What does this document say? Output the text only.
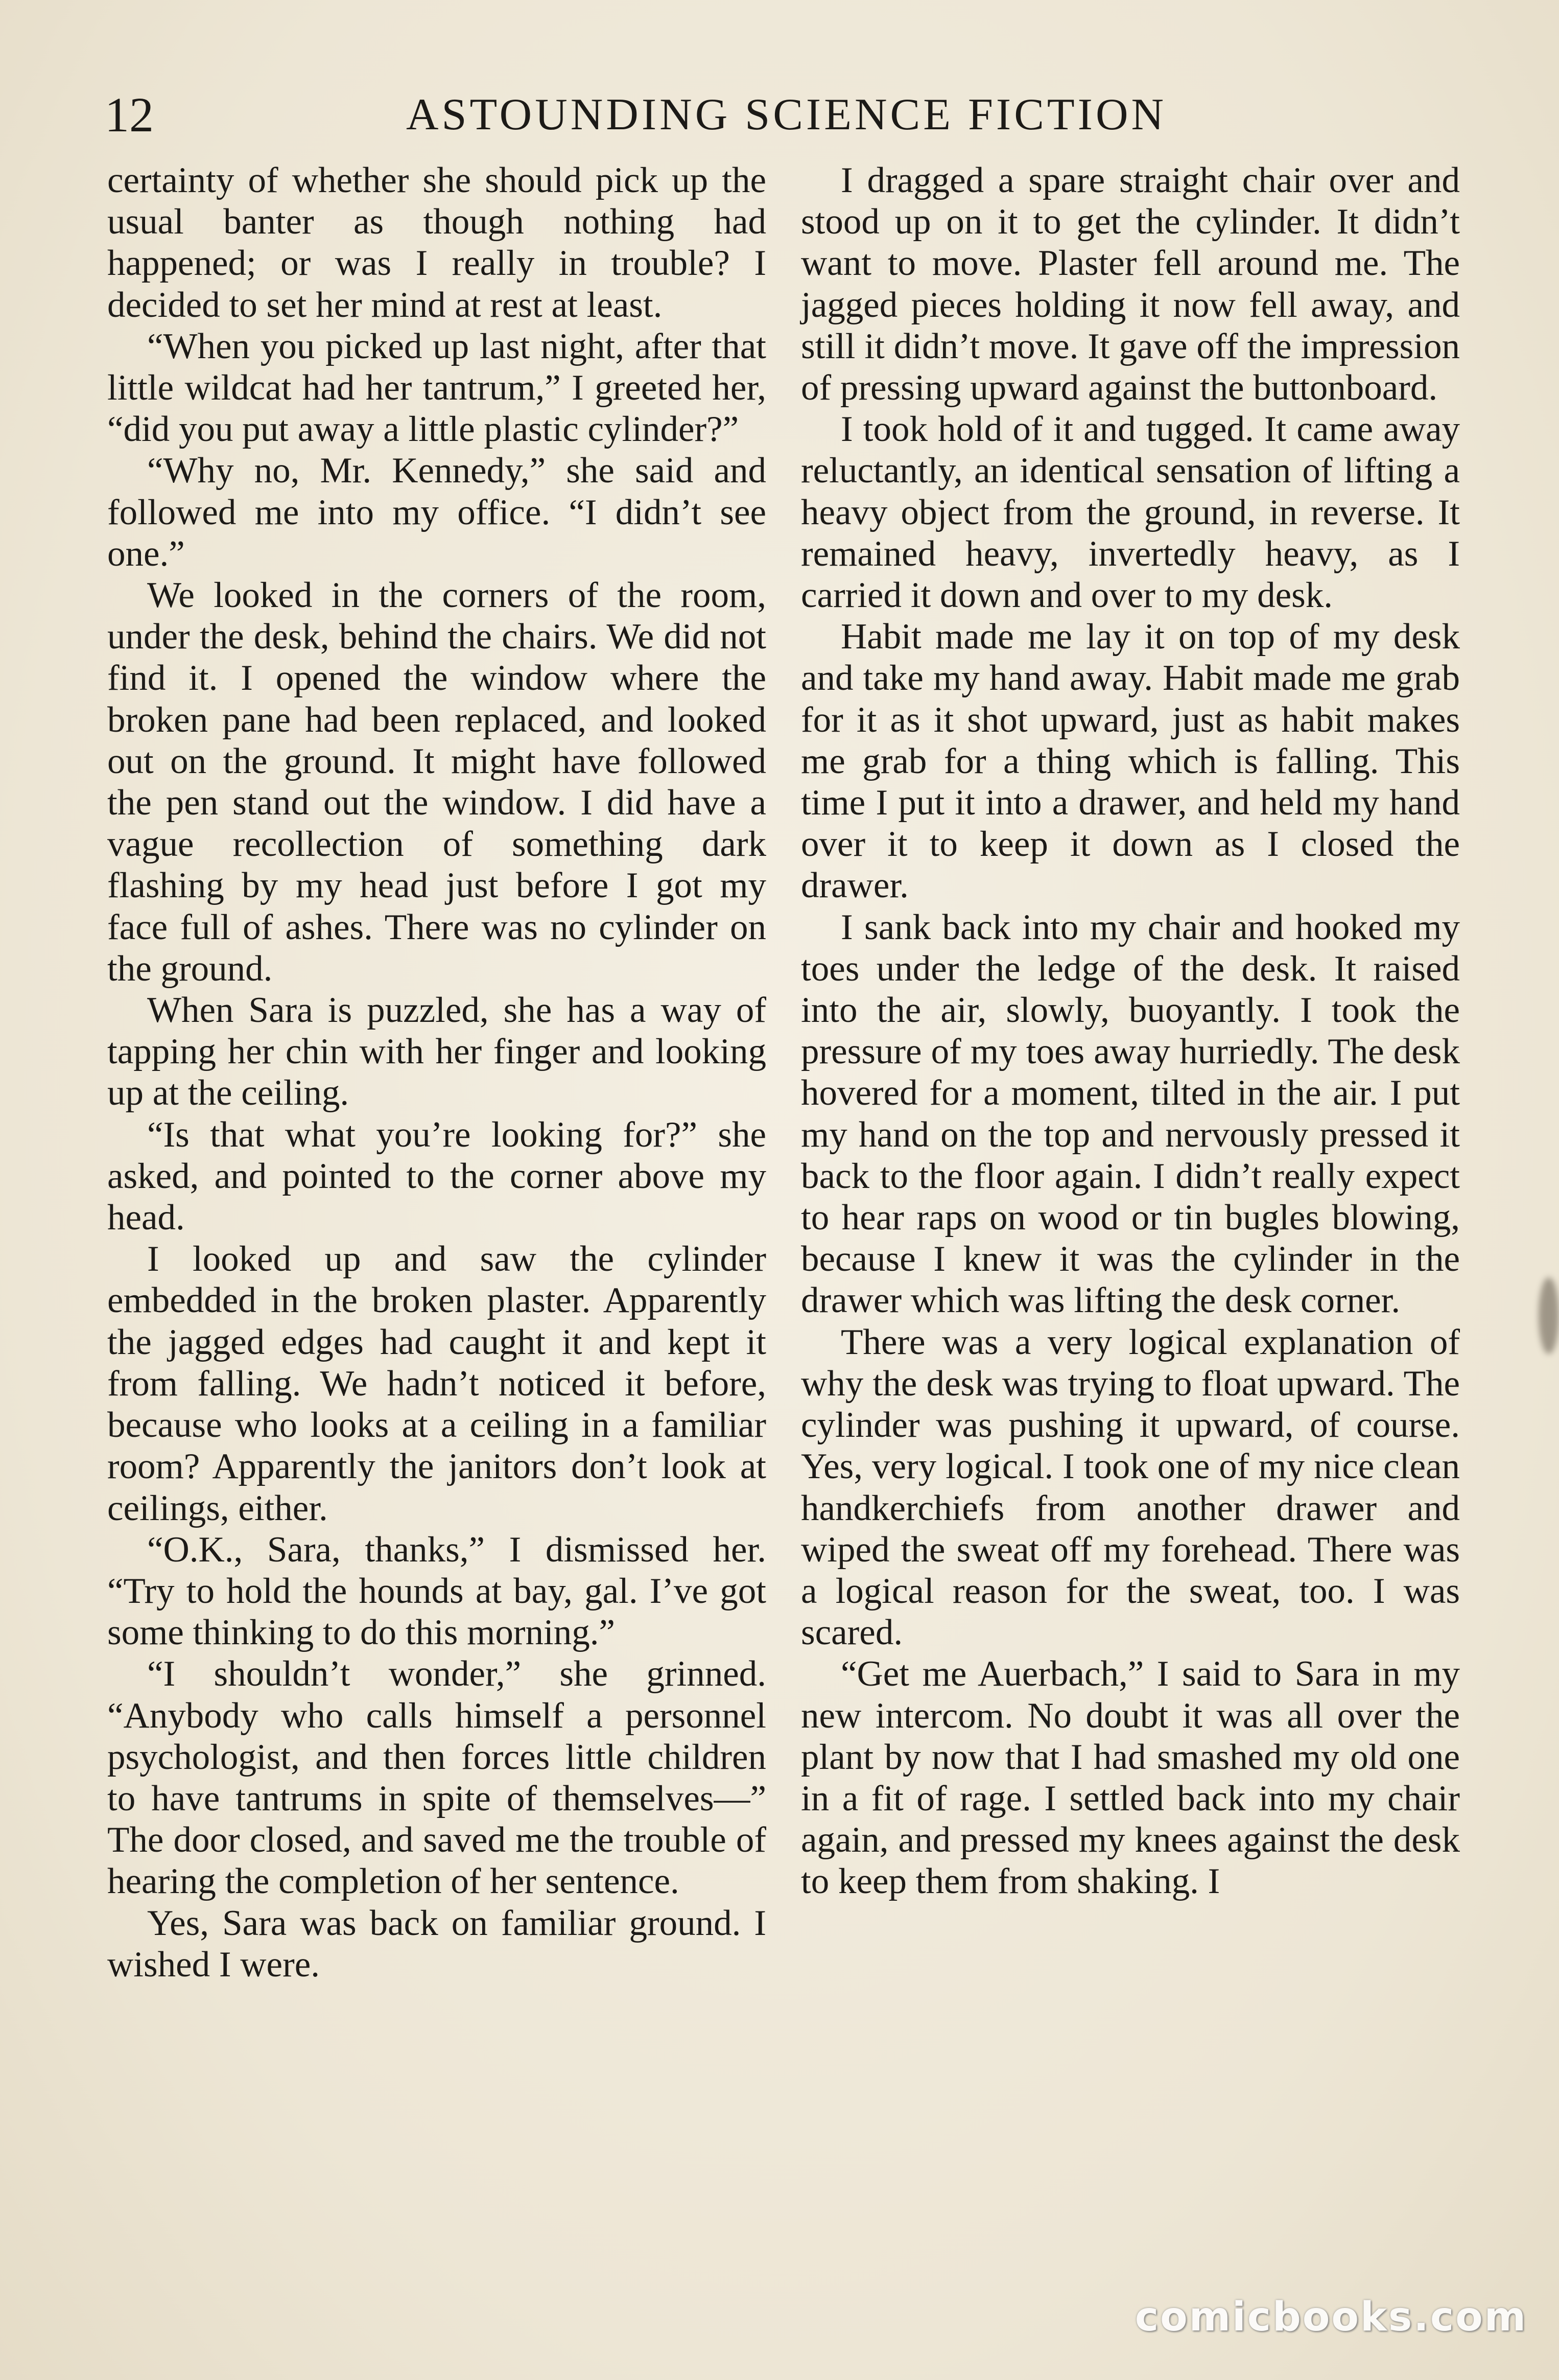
12	ASTOUNDING SCIENCE FICTION

certainty of whether she should pick up the usual banter as though nothing had happened; or was I really in trouble? I decided to set her mind at rest at least.

“When you picked up last night, after that little wildcat had her tantrum,” I greeted her, “did you put away a little plastic cylinder?”

“Why no, Mr. Kennedy,” she said and followed me into my office. “I didn’t see one.”

We looked in the corners of the room, under the desk, behind the chairs. We did not find it. I opened the window where the broken pane had been replaced, and looked out on the ground. It might have followed the pen stand out the window. I did have a vague recollection of something dark flashing by my head just before I got my face full of ashes. There was no cylinder on the ground.

When Sara is puzzled, she has a way of tapping her chin with her finger and looking up at the ceiling.

“Is that what you’re looking for?” she asked, and pointed to the corner above my head.

I looked up and saw the cylinder embedded in the broken plaster. Apparently the jagged edges had caught it and kept it from falling. We hadn’t noticed it before, because who looks at a ceiling in a familiar room? Apparently the janitors don’t look at ceilings, either.

“O.K., Sara, thanks,” I dismissed her. “Try to hold the hounds at bay, gal. I’ve got some thinking to do this morning.”

“I shouldn’t wonder,” she grinned. “Anybody who calls himself a personnel psychologist, and then forces little children to have tantrums in spite of themselves—” The door closed, and saved me the trouble of hearing the completion of her sentence.

Yes, Sara was back on familiar ground. I wished I were.

I dragged a spare straight chair over and stood up on it to get the cylinder. It didn’t want to move. Plaster fell around me. The jagged pieces holding it now fell away, and still it didn’t move. It gave off the impression of pressing upward against the buttonboard.

I took hold of it and tugged. It came away reluctantly, an identical sensation of lifting a heavy object from the ground, in reverse. It remained heavy, invertedly heavy, as I carried it down and over to my desk.

Habit made me lay it on top of my desk and take my hand away. Habit made me grab for it as it shot upward, just as habit makes me grab for a thing which is falling. This time I put it into a drawer, and held my hand over it to keep it down as I closed the drawer.

I sank back into my chair and hooked my toes under the ledge of the desk. It raised into the air, slowly, buoyantly. I took the pressure of my toes away hurriedly. The desk hovered for a moment, tilted in the air. I put my hand on the top and nervously pressed it back to the floor again. I didn’t really expect to hear raps on wood or tin bugles blowing, because I knew it was the cylinder in the drawer which was lifting the desk corner.

There was a very logical explanation of why the desk was trying to float upward. The cylinder was pushing it upward, of course. Yes, very logical. I took one of my nice clean handkerchiefs from another drawer and wiped the sweat off my forehead. There was a logical reason for the sweat, too. I was scared.

“Get me Auerbach,” I said to Sara in my new intercom. No doubt it was all over the plant by now that I had smashed my old one in a fit of rage. I settled back into my chair again, and pressed my knees against the desk to keep them from shaking. I

comicbooks.com
